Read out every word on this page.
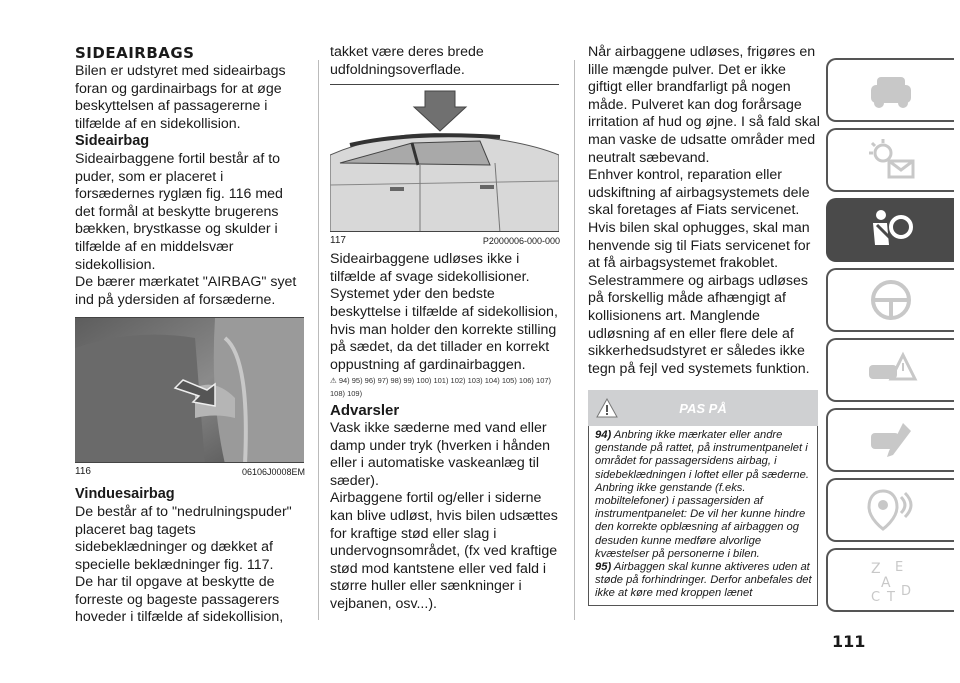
SIDEAIRBAGS

Bilen er udstyret med sideairbags foran og gardinairbags for at øge beskyttelsen af passagererne i tilfælde af en sidekollision.

Sideairbag

Sideairbaggene fortil består af to puder, som er placeret i forsædernes ryglæn fig. 116 med det formål at beskytte brugerens bækken, brystkasse og skulder i tilfælde af en middelsvær sidekollision.

De bærer mærkatet "AIRBAG" syet ind på ydersiden af forsæderne.

116	06106J0008EM

Vinduesairbag

De består af to "nedrulningspuder" placeret bag tagets sidebeklædninger og dækket af specielle beklædninger fig. 117.

De har til opgave at beskytte de forreste og bageste passagerers hoveder i tilfælde af sidekollision,

takket være deres brede udfoldningsoverflade.

117	P2000006-000-000

Sideairbaggene udløses ikke i tilfælde af svage sidekollisioner.

Systemet yder den bedste beskyttelse i tilfælde af sidekollision, hvis man holder den korrekte stilling på sædet, da det tillader en korrekt oppustning af gardinairbaggen.

⚠ 94) 95) 96) 97) 98) 99) 100) 101) 102) 103) 104) 105) 106) 107) 108) 109)

Advarsler

Vask ikke sæderne med vand eller damp under tryk (hverken i hånden eller i automatiske vaskeanlæg til sæder).

Airbaggene fortil og/eller i siderne kan blive udløst, hvis bilen udsættes for kraftige stød eller slag i undervognsområdet, (fx ved kraftige stød mod kantstene eller ved fald i større huller eller sænkninger i vejbanen, osv...).

Når airbaggene udløses, frigøres en lille mængde pulver. Det er ikke giftigt eller brandfarligt på nogen måde. Pulveret kan dog forårsage irritation af hud og øjne. I så fald skal man vaske de udsatte områder med neutralt sæbevand.

Enhver kontrol, reparation eller udskiftning af airbagsystemets dele skal foretages af Fiats servicenet.

Hvis bilen skal ophugges, skal man henvende sig til Fiats servicenet for at få airbagsystemet frakoblet.

Selestrammere og airbags udløses på forskellig måde afhængigt af kollisionens art. Manglende udløsning af en eller flere dele af sikkerhedsudstyret er således ikke tegn på fejl ved systemets funktion.

PAS PÅ

94) Anbring ikke mærkater eller andre genstande på rattet, på instrumentpanelet i området for passagersidens airbag, i sidebeklædningen i loftet eller på sæderne. Anbring ikke genstande (f.eks. mobiltelefoner) i passagersiden af instrumentpanelet: De vil her kunne hindre den korrekte opblæsning af airbaggen og desuden kunne medføre alvorlige kvæstelser på personerne i bilen.

95) Airbaggen skal kunne aktiveres uden at støde på forhindringer. Derfor anbefales det ikke at køre med kroppen lænet

Z E
A
C T D
111
